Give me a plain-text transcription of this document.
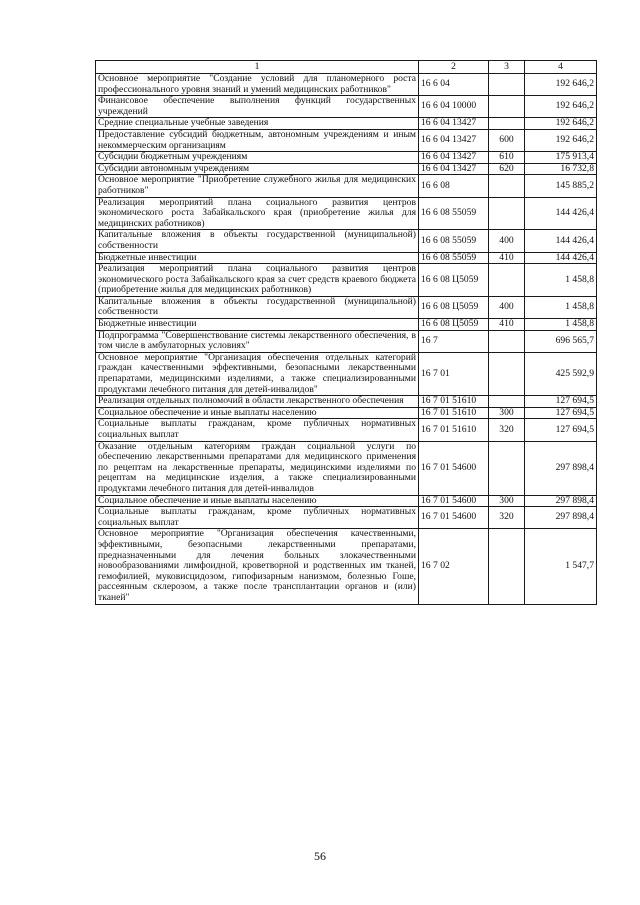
1	2	3	4
Основное мероприятие "Создание условий для планомерного роста профессионального уровня знаний и умений медицинских работников"	16 6 04		192 646,2
Финансовое обеспечение выполнения функций государственных учреждений	16 6 04 10000		192 646,2
Средние специальные учебные заведения	16 6 04 13427		192 646,2
Предоставление субсидий бюджетным, автономным учреждениям и иным некоммерческим организациям	16 6 04 13427	600	192 646,2
Субсидии бюджетным учреждениям	16 6 04 13427	610	175 913,4
Субсидии автономным учреждениям	16 6 04 13427	620	16 732,8
Основное мероприятие "Приобретение служебного жилья для медицинских работников"	16 6 08		145 885,2
Реализация мероприятий плана социального развития центров экономического роста Забайкальского края (приобретение жилья для медицинских работников)	16 6 08 55059		144 426,4
Капитальные вложения в объекты государственной (муниципальной) собственности	16 6 08 55059	400	144 426,4
Бюджетные инвестиции	16 6 08 55059	410	144 426,4
Реализация мероприятий плана социального развития центров экономического роста Забайкальского края за счет средств краевого бюджета (приобретение жилья для медицинских работников)	16 6 08 Ц5059		1 458,8
Капитальные вложения в объекты государственной (муниципальной) собственности	16 6 08 Ц5059	400	1 458,8
Бюджетные инвестиции	16 6 08 Ц5059	410	1 458,8
Подпрограмма "Совершенствование системы лекарственного обеспечения, в том числе в амбулаторных условиях"	16 7		696 565,7
Основное мероприятие "Организация обеспечения отдельных категорий граждан качественными эффективными, безопасными лекарственными препаратами, медицинскими изделиями, а также специализированными продуктами лечебного питания для детей-инвалидов"	16 7 01		425 592,9
Реализация отдельных полномочий в области лекарственного обеспечения	16 7 01 51610		127 694,5
Социальное обеспечение и иные выплаты населению	16 7 01 51610	300	127 694,5
Социальные выплаты гражданам, кроме публичных нормативных социальных выплат	16 7 01 51610	320	127 694,5
Оказание отдельным категориям граждан социальной услуги по обеспечению лекарственными препаратами для медицинского применения по рецептам на лекарственные препараты, медицинскими изделиями по рецептам на медицинские изделия, а также специализированными продуктами лечебного питания для детей-инвалидов	16 7 01 54600		297 898,4
Социальное обеспечение и иные выплаты населению	16 7 01 54600	300	297 898,4
Социальные выплаты гражданам, кроме публичных нормативных социальных выплат	16 7 01 54600	320	297 898,4
Основное мероприятие "Организация обеспечения качественными, эффективными, безопасными лекарственными препаратами, предназначенными для лечения больных злокачественными новообразованиями лимфоидной, кроветворной и родственных им тканей, гемофилией, муковисцидозом, гипофизарным нанизмом, болезнью Гоше, рассеянным склерозом, а также после трансплантации органов и (или) тканей"	16 7 02		1 547,7
56
